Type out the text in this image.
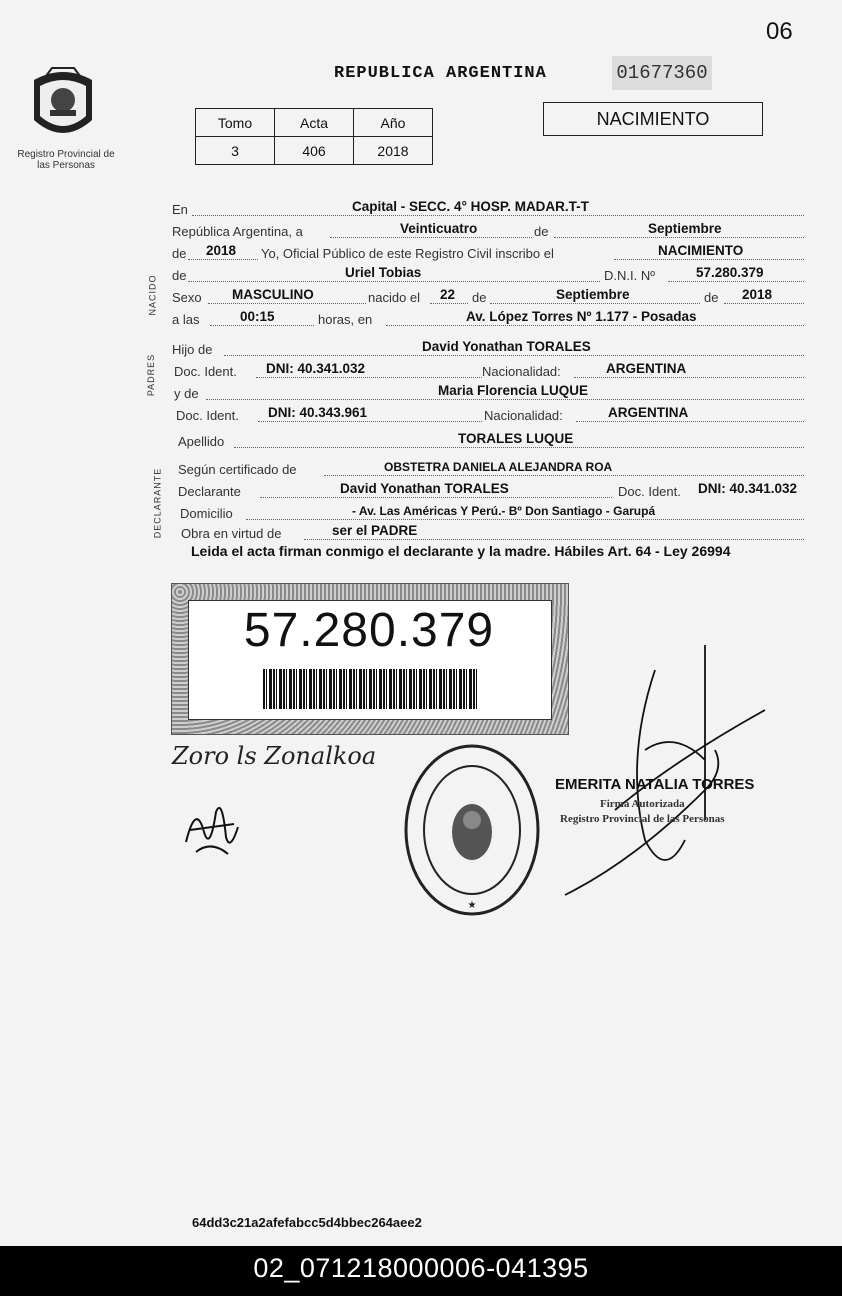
06
Registro Provincial de las Personas
REPUBLICA ARGENTINA	01677360
Tomo	Acta	Año
3	406	2018
NACIMIENTO
NACIDO
PADRES
DECLARANTE
En	Capital - SECC. 4° HOSP. MADAR.T-T
República Argentina, a	Veinticuatro	de	Septiembre
de 2018 Yo, Oficial Público de este Registro Civil inscribo el	NACIMIENTO
de	Uriel Tobias	D.N.I. Nº	57.280.379
Sexo MASCULINO	nacido el 22 de	Septiembre	de 2018
a las	00:15	horas, en	Av. López Torres Nº 1.177 - Posadas
Hijo de	David Yonathan TORALES
Doc. Ident. DNI: 40.341.032	Nacionalidad:	ARGENTINA
y de	Maria Florencia LUQUE
Doc. Ident. DNI: 40.343.961	Nacionalidad:	ARGENTINA
Apellido	TORALES LUQUE
Según certificado de	OBSTETRA DANIELA ALEJANDRA ROA
Declarante	David Yonathan TORALES	Doc. Ident. DNI: 40.341.032
Domicilio	- Av. Las Américas Y Perú.- Bº Don Santiago - Garupá
Obra en virtud de	ser el PADRE
Leida el acta firman conmigo el declarante y la madre. Hábiles Art. 64 - Ley 26994
57.280.379
Zoro ls Zonalkoa
★
EMERITA NATALIA TORRES
Firma Autorizada
Registro Provincial de las Personas
64dd3c21a2afefabcc5d4bbec264aee2
02_071218000006-041395
